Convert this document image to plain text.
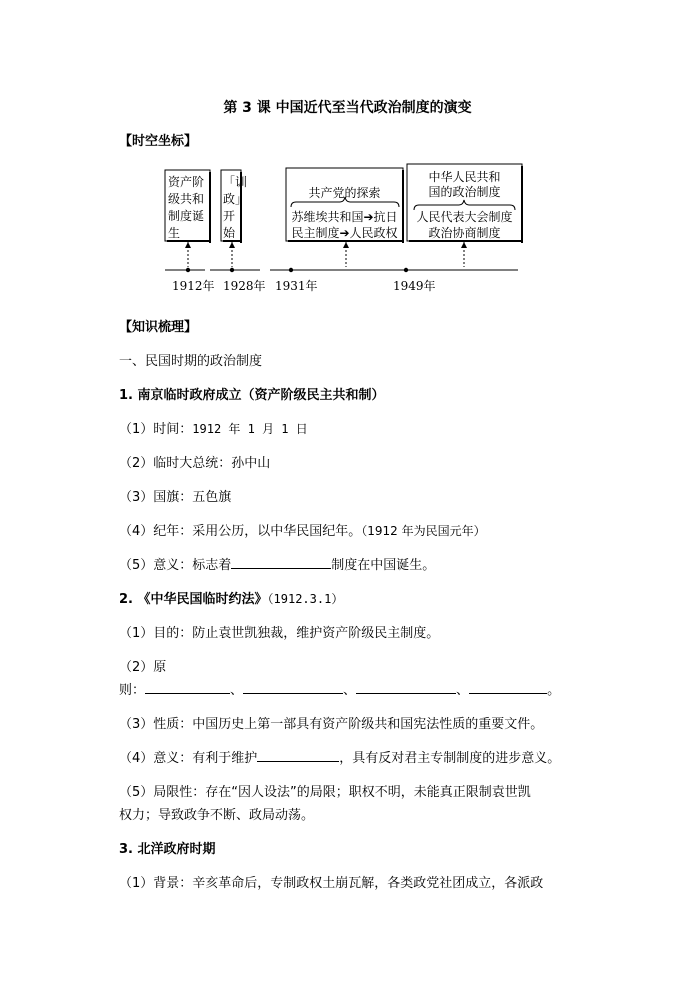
第 3 课 中国近代至当代政治制度的演变
【时空坐标】
资产阶
级共和
制度诞
生
「训
政」
开
始
共产党的探索
苏维埃共和国➔抗日
民主制度➔人民政权
中华人民共和
国的政治制度
人民代表大会制度
政治协商制度
1912年 1928年 1931年	1949年
【知识梳理】
一、民国时期的政治制度
1. 南京临时政府成立（资产阶级民主共和制）
（1）时间：1912 年 1 月 1 日
（2）临时大总统：孙中山
（3）国旗：五色旗
（4）纪年：采用公历，以中华民国纪年。（1912 年为民国元年）
（5）意义：标志着	制度在中国诞生。
2. 《中华民国临时约法》（1912.3.1）
（1）目的：防止袁世凯独裁，维护资产阶级民主制度。
（2）原
则：	、	、	、	。
（3）性质：中国历史上第一部具有资产阶级共和国宪法性质的重要文件。
（4）意义：有利于维护	，具有反对君主专制制度的进步意义。
（5）局限性：存在“因人设法”的局限；职权不明，未能真正限制袁世凯
权力；导致政争不断、政局动荡。
3. 北洋政府时期
（1）背景：辛亥革命后，专制政权土崩瓦解，各类政党社团成立，各派政
